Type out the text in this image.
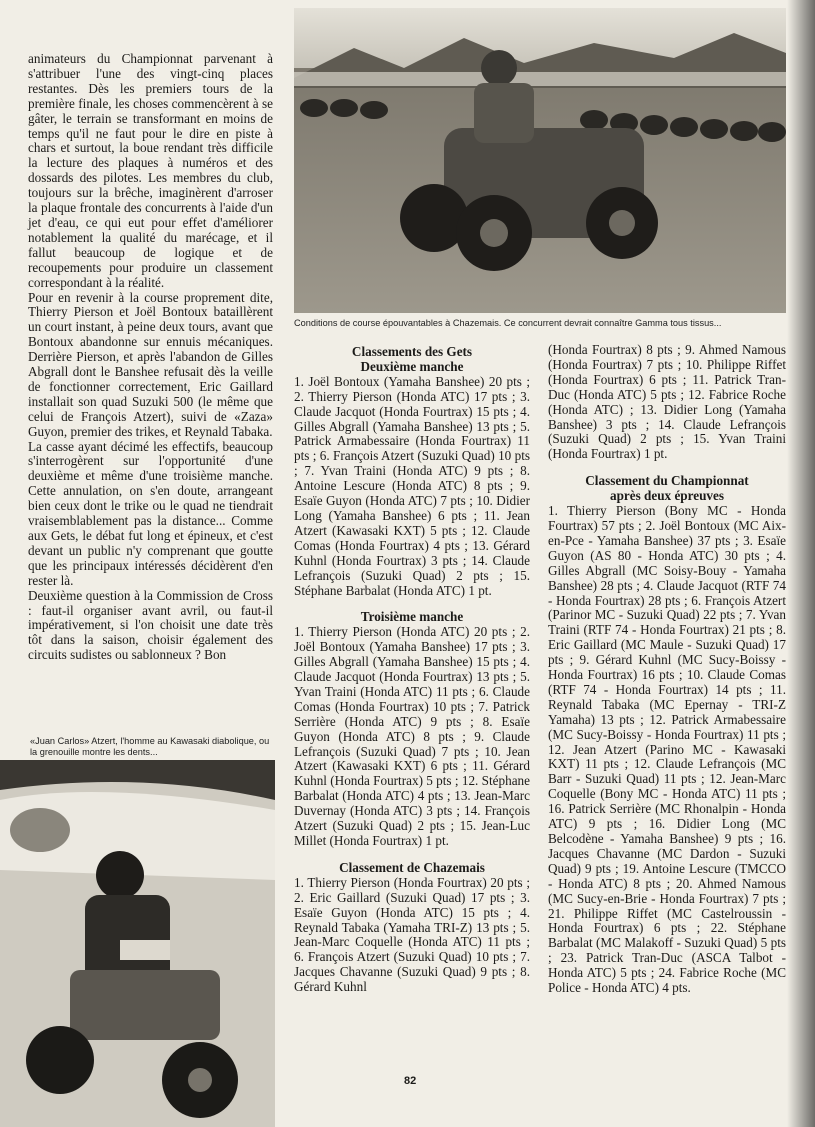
Conditions de course épouvantables à Chazemais. Ce concurrent devrait connaître Gamma tous tissus...

animateurs du Championnat parvenant à s'attribuer l'une des vingt-cinq places restantes. Dès les premiers tours de la première finale, les choses commencèrent à se gâter, le terrain se transformant en moins de temps qu'il ne faut pour le dire en piste à chars et surtout, la boue rendant très difficile la lecture des plaques à numéros et des dossards des pilotes. Les membres du club, toujours sur la brêche, imaginèrent d'arroser la plaque frontale des concurrents à l'aide d'un jet d'eau, ce qui eut pour effet d'améliorer notablement la qualité du marécage, et il fallut beaucoup de logique et de recoupements pour produire un classement correspondant à la réalité.

Pour en revenir à la course proprement dite, Thierry Pierson et Joël Bontoux bataillèrent un court instant, à peine deux tours, avant que Bontoux abandonne sur ennuis mécaniques. Derrière Pierson, et après l'abandon de Gilles Abgrall dont le Banshee refusait dès la veille de fonctionner correctement, Eric Gaillard installait son quad Suzuki 500 (le même que celui de François Atzert), suivi de «Zaza» Guyon, premier des trikes, et Reynald Tabaka.

La casse ayant décimé les effectifs, beaucoup s'interrogèrent sur l'opportunité d'une deuxième et même d'une troisième manche. Cette annulation, on s'en doute, arrangeant bien ceux dont le trike ou le quad ne tiendrait vraisemblablement pas la distance... Comme aux Gets, le débat fut long et épineux, et c'est devant un public n'y comprenant que goutte que les principaux intéressés décidèrent d'en rester là.

Deuxième question à la Commission de Cross : faut-il organiser avant avril, ou faut-il impérativement, si l'on choisit une date très tôt dans la saison, choisir également des circuits sudistes ou sablonneux ? Bon

«Juan Carlos» Atzert, l'homme au Kawasaki diabolique, ou la grenouille montre les dents...

Classements des Gets

Deuxième manche

1. Joël Bontoux (Yamaha Banshee) 20 pts ; 2. Thierry Pierson (Honda ATC) 17 pts ; 3. Claude Jacquot (Honda Fourtrax) 15 pts ; 4. Gilles Abgrall (Yamaha Banshee) 13 pts ; 5. Patrick Armabessaire (Honda Fourtrax) 11 pts ; 6. François Atzert (Suzuki Quad) 10 pts ; 7. Yvan Traini (Honda ATC) 9 pts ; 8. Antoine Lescure (Honda ATC) 8 pts ; 9. Esaïe Guyon (Honda ATC) 7 pts ; 10. Didier Long (Yamaha Banshee) 6 pts ; 11. Jean Atzert (Kawasaki KXT) 5 pts ; 12. Claude Comas (Honda Fourtrax) 4 pts ; 13. Gérard Kuhnl (Honda Fourtrax) 3 pts ; 14. Claude Lefrançois (Suzuki Quad) 2 pts ; 15. Stéphane Barbalat (Honda ATC) 1 pt.

Troisième manche

1. Thierry Pierson (Honda ATC) 20 pts ; 2. Joël Bontoux (Yamaha Banshee) 17 pts ; 3. Gilles Abgrall (Yamaha Banshee) 15 pts ; 4. Claude Jacquot (Honda Fourtrax) 13 pts ; 5. Yvan Traini (Honda ATC) 11 pts ; 6. Claude Comas (Honda Fourtrax) 10 pts ; 7. Patrick Serrière (Honda ATC) 9 pts ; 8. Esaïe Guyon (Honda ATC) 8 pts ; 9. Claude Lefrançois (Suzuki Quad) 7 pts ; 10. Jean Atzert (Kawasaki KXT) 6 pts ; 11. Gérard Kuhnl (Honda Fourtrax) 5 pts ; 12. Stéphane Barbalat (Honda ATC) 4 pts ; 13. Jean-Marc Duvernay (Honda ATC) 3 pts ; 14. François Atzert (Suzuki Quad) 2 pts ; 15. Jean-Luc Millet (Honda Fourtrax) 1 pt.

Classement de Chazemais

1. Thierry Pierson (Honda Fourtrax) 20 pts ; 2. Eric Gaillard (Suzuki Quad) 17 pts ; 3. Esaïe Guyon (Honda ATC) 15 pts ; 4. Reynald Tabaka (Yamaha TRI-Z) 13 pts ; 5. Jean-Marc Coquelle (Honda ATC) 11 pts ; 6. François Atzert (Suzuki Quad) 10 pts ; 7. Jacques Chavanne (Suzuki Quad) 9 pts ; 8. Gérard Kuhnl

(Honda Fourtrax) 8 pts ; 9. Ahmed Namous (Honda Fourtrax) 7 pts ; 10. Philippe Riffet (Honda Fourtrax) 6 pts ; 11. Patrick Tran-Duc (Honda ATC) 5 pts ; 12. Fabrice Roche (Honda ATC) ; 13. Didier Long (Yamaha Banshee) 3 pts ; 14. Claude Lefrançois (Suzuki Quad) 2 pts ; 15. Yvan Traini (Honda Fourtrax) 1 pt.

Classement du Championnat

après deux épreuves

1. Thierry Pierson (Bony MC - Honda Fourtrax) 57 pts ; 2. Joël Bontoux (MC Aix-en-Pce - Yamaha Banshee) 37 pts ; 3. Esaïe Guyon (AS 80 - Honda ATC) 30 pts ; 4. Gilles Abgrall (MC Soisy-Bouy - Yamaha Banshee) 28 pts ; 4. Claude Jacquot (RTF 74 - Honda Fourtrax) 28 pts ; 6. François Atzert (Parinor MC - Suzuki Quad) 22 pts ; 7. Yvan Traini (RTF 74 - Honda Fourtrax) 21 pts ; 8. Eric Gaillard (MC Maule - Suzuki Quad) 17 pts ; 9. Gérard Kuhnl (MC Sucy-Boissy - Honda Fourtrax) 16 pts ; 10. Claude Comas (RTF 74 - Honda Fourtrax) 14 pts ; 11. Reynald Tabaka (MC Epernay - TRI-Z Yamaha) 13 pts ; 12. Patrick Armabessaire (MC Sucy-Boissy - Honda Fourtrax) 11 pts ; 12. Jean Atzert (Parino MC - Kawasaki KXT) 11 pts ; 12. Claude Lefrançois (MC Barr - Suzuki Quad) 11 pts ; 12. Jean-Marc Coquelle (Bony MC - Honda ATC) 11 pts ; 16. Patrick Serrière (MC Rhonalpin - Honda ATC) 9 pts ; 16. Didier Long (MC Belcodène - Yamaha Banshee) 9 pts ; 16. Jacques Chavanne (MC Dardon - Suzuki Quad) 9 pts ; 19. Antoine Lescure (TMCCO - Honda ATC) 8 pts ; 20. Ahmed Namous (MC Sucy-en-Brie - Honda Fourtrax) 7 pts ; 21. Philippe Riffet (MC Castelroussin - Honda Fourtrax) 6 pts ; 22. Stéphane Barbalat (MC Malakoff - Suzuki Quad) 5 pts ; 23. Patrick Tran-Duc (ASCA Talbot - Honda ATC) 5 pts ; 24. Fabrice Roche (MC Police - Honda ATC) 4 pts.

82
